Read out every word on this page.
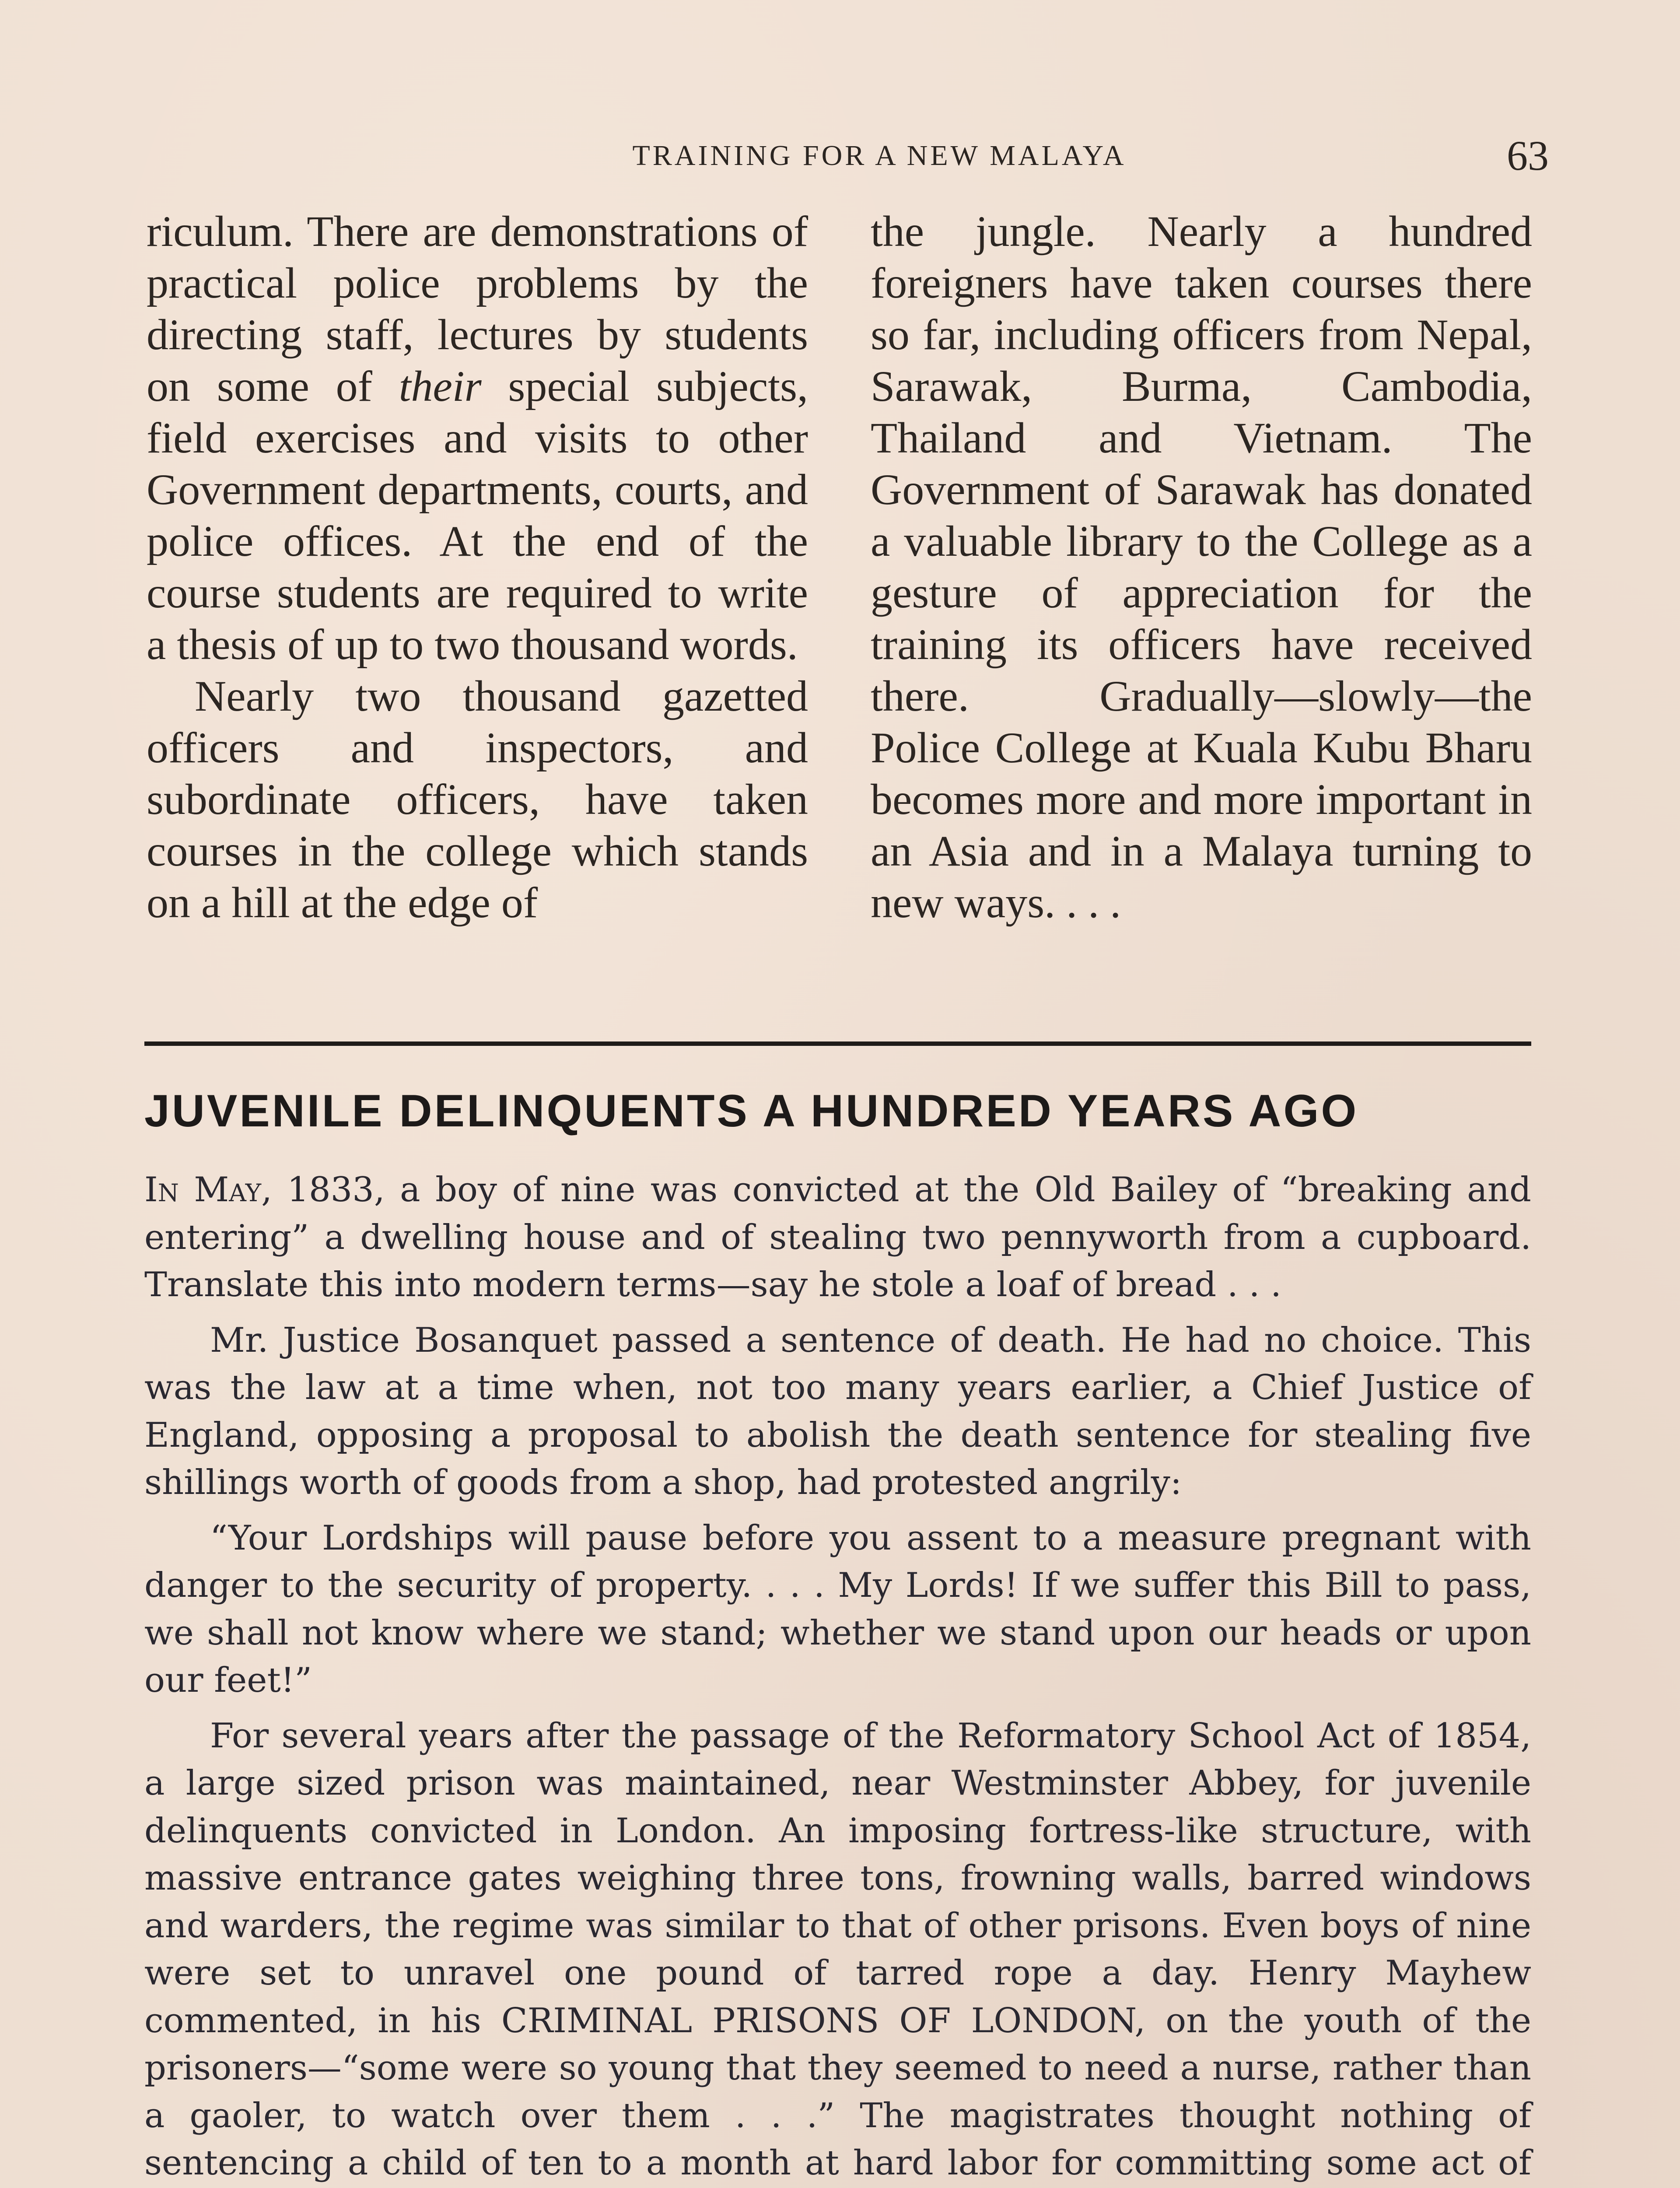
TRAINING FOR A NEW MALAYA	63

riculum. There are demonstrations of practical police problems by the directing staff, lectures by students on some of their special subjects, field exercises and visits to other Government departments, courts, and police offices. At the end of the course students are required to write a thesis of up to two thousand words.

Nearly two thousand gazetted officers and inspectors, and subordinate officers, have taken courses in the college which stands on a hill at the edge of

the jungle. Nearly a hundred foreigners have taken courses there so far, including officers from Nepal, Sarawak, Burma, Cambodia, Thailand and Vietnam. The Government of Sarawak has donated a valuable library to the College as a gesture of appreciation for the training its officers have received there. Gradually—slowly—the Police College at Kuala Kubu Bharu becomes more and more important in an Asia and in a Malaya turning to new ways. . . .

JUVENILE DELINQUENTS A HUNDRED YEARS AGO

In May, 1833, a boy of nine was convicted at the Old Bailey of “breaking and entering” a dwelling house and of stealing two pennyworth from a cupboard. Translate this into modern terms—say he stole a loaf of bread . . .

Mr. Justice Bosanquet passed a sentence of death. He had no choice. This was the law at a time when, not too many years earlier, a Chief Justice of England, opposing a proposal to abolish the death sentence for stealing five shillings worth of goods from a shop, had protested angrily:

“Your Lordships will pause before you assent to a measure pregnant with danger to the security of property. . . . My Lords! If we suffer this Bill to pass, we shall not know where we stand; whether we stand upon our heads or upon our feet!”

For several years after the passage of the Reformatory School Act of 1854, a large sized prison was maintained, near Westminster Abbey, for juvenile delinquents convicted in London. An imposing fortress-like structure, with massive entrance gates weighing three tons, frowning walls, barred windows and warders, the regime was similar to that of other prisons. Even boys of nine were set to unravel one pound of tarred rope a day. Henry Mayhew commented, in his CRIMINAL PRISONS OF LONDON, on the youth of the prisoners—“some were so young that they seemed to need a nurse, rather than a gaoler, to watch over them . . .” The magistrates thought nothing of sentencing a child of ten to a month at hard labor for committing some act of
